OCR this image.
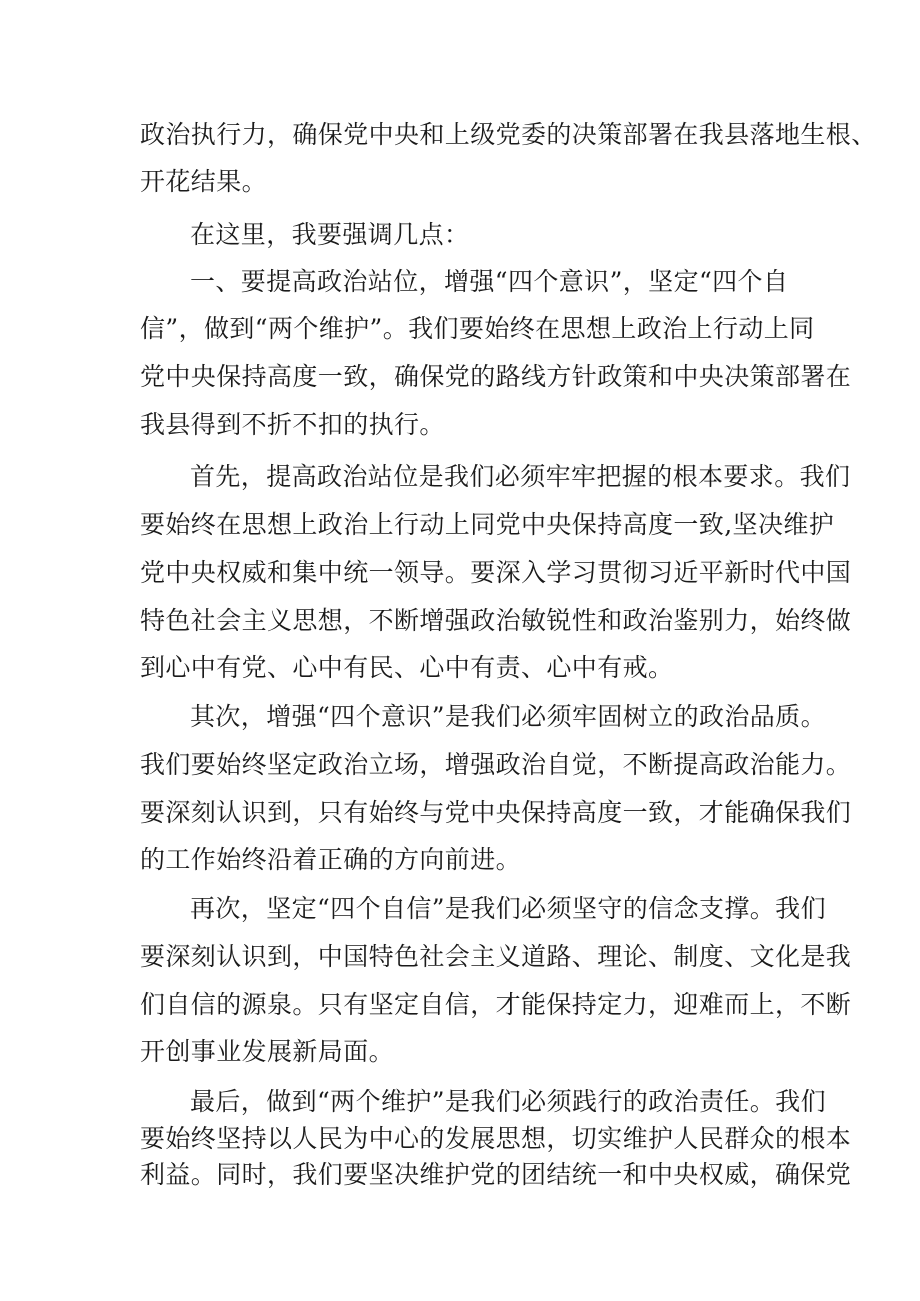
政治执行力，确保党中央和上级党委的决策部署在我县落地生根、
开花结果。
在这里，我要强调几点：
一、要提高政治站位，增强“四个意识”，坚定“四个自
信”，做到“两个维护”。我们要始终在思想上政治上行动上同
党中央保持高度一致，确保党的路线方针政策和中央决策部署在
我县得到不折不扣的执行。
首先，提高政治站位是我们必须牢牢把握的根本要求。我们
要始终在思想上政治上行动上同党中央保持高度一致,坚决维护
党中央权威和集中统一领导。要深入学习贯彻习近平新时代中国
特色社会主义思想，不断增强政治敏锐性和政治鉴别力，始终做
到心中有党、心中有民、心中有责、心中有戒。
其次，增强“四个意识”是我们必须牢固树立的政治品质。
我们要始终坚定政治立场，增强政治自觉，不断提高政治能力。
要深刻认识到，只有始终与党中央保持高度一致，才能确保我们
的工作始终沿着正确的方向前进。
再次，坚定“四个自信”是我们必须坚守的信念支撑。我们
要深刻认识到，中国特色社会主义道路、理论、制度、文化是我
们自信的源泉。只有坚定自信，才能保持定力，迎难而上，不断
开创事业发展新局面。
最后，做到“两个维护”是我们必须践行的政治责任。我们
要始终坚持以人民为中心的发展思想，切实维护人民群众的根本
利益。同时，我们要坚决维护党的团结统一和中央权威，确保党
